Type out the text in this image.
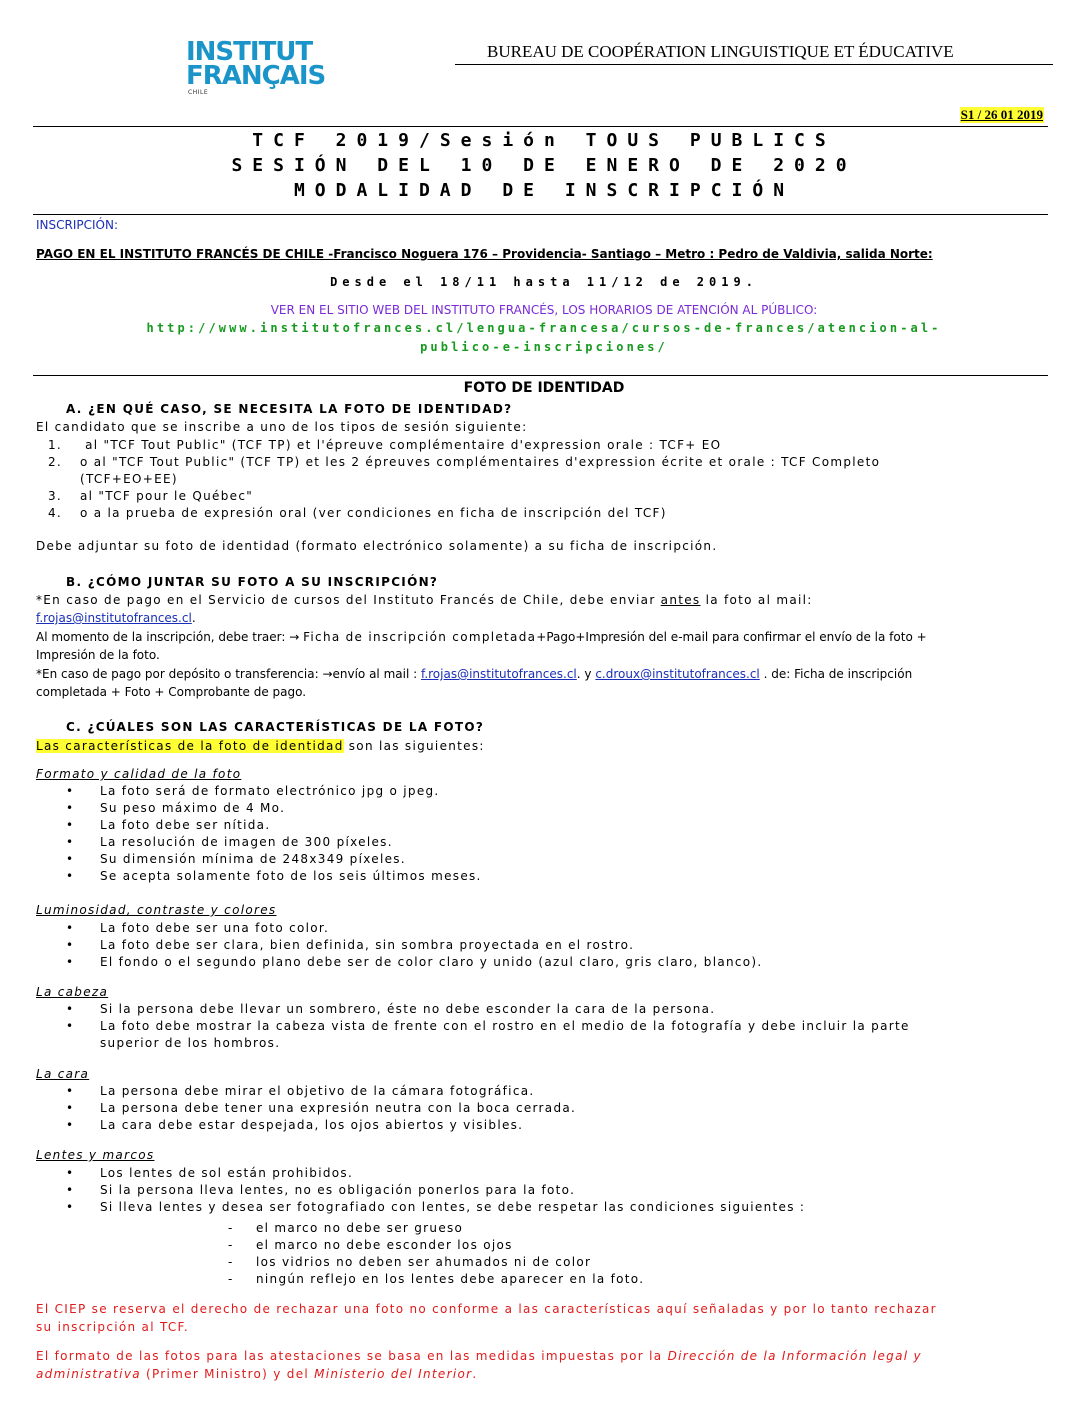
INSTITUT
FRANÇAIS
CHILE
BUREAU DE COOPÉRATION LINGUISTIQUE ET ÉDUCATIVE
S1 / 26 01 2019
TCF 2019/Sesión TOUS PUBLICS
SESIÓN DEL 10 DE ENERO DE 2020
MODALIDAD DE INSCRIPCIÓN
INSCRIPCIÓN:
PAGO EN EL INSTITUTO FRANCÉS DE CHILE -Francisco Noguera 176 – Providencia- Santiago – Metro : Pedro de Valdivia, salida Norte:
Desde el 18/11 hasta 11/12 de 2019.
VER EN EL SITIO WEB DEL INSTITUTO FRANCÉS, LOS HORARIOS DE ATENCIÓN AL PÚBLICO:
http://www.institutofrances.cl/lengua-francesa/cursos-de-frances/atencion-al-
publico-e-inscripciones/
FOTO DE IDENTIDAD
A. ¿EN QUÉ CASO, SE NECESITA LA FOTO DE IDENTIDAD?
El candidato que se inscribe a uno de los tipos de sesión siguiente:
1. al "TCF Tout Public" (TCF TP) et l'épreuve complémentaire d'expression orale : TCF+ EO
2. o al "TCF Tout Public" (TCF TP) et les 2 épreuves complémentaires d'expression écrite et orale : TCF Completo
(TCF+EO+EE)
3. al "TCF pour le Québec"
4. o a la prueba de expresión oral (ver condiciones en ficha de inscripción del TCF)
Debe adjuntar su foto de identidad (formato electrónico solamente) a su ficha de inscripción.
B. ¿CÓMO JUNTAR SU FOTO A SU INSCRIPCIÓN?
*En caso de pago en el Servicio de cursos del Instituto Francés de Chile, debe enviar antes la foto al mail:
f.rojas@institutofrances.cl.
Al momento de la inscripción, debe traer: → Ficha de inscripción completada+Pago+Impresión del e-mail para confirmar el envío de la foto +
Impresión de la foto.
*En caso de pago por depósito o transferencia: →envío al mail : f.rojas@institutofrances.cl. y c.droux@institutofrances.cl . de: Ficha de inscripción
completada + Foto + Comprobante de pago.
C. ¿CÚALES SON LAS CARACTERÍSTICAS DE LA FOTO?
Las características de la foto de identidad son las siguientes:
Formato y calidad de la foto
• La foto será de formato electrónico jpg o jpeg.
• Su peso máximo de 4 Mo.
• La foto debe ser nítida.
• La resolución de imagen de 300 píxeles.
• Su dimensión mínima de 248x349 píxeles.
• Se acepta solamente foto de los seis últimos meses.
Luminosidad, contraste y colores
• La foto debe ser una foto color.
• La foto debe ser clara, bien definida, sin sombra proyectada en el rostro.
• El fondo o el segundo plano debe ser de color claro y unido (azul claro, gris claro, blanco).
La cabeza
• Si la persona debe llevar un sombrero, éste no debe esconder la cara de la persona.
• La foto debe mostrar la cabeza vista de frente con el rostro en el medio de la fotografía y debe incluir la parte
superior de los hombros.
La cara
• La persona debe mirar el objetivo de la cámara fotográfica.
• La persona debe tener una expresión neutra con la boca cerrada.
• La cara debe estar despejada, los ojos abiertos y visibles.
Lentes y marcos
• Los lentes de sol están prohibidos.
• Si la persona lleva lentes, no es obligación ponerlos para la foto.
• Si lleva lentes y desea ser fotografiado con lentes, se debe respetar las condiciones siguientes :
- el marco no debe ser grueso
- el marco no debe esconder los ojos
- los vidrios no deben ser ahumados ni de color
- ningún reflejo en los lentes debe aparecer en la foto.
El CIEP se reserva el derecho de rechazar una foto no conforme a las características aquí señaladas y por lo tanto rechazar
su inscripción al TCF.
El formato de las fotos para las atestaciones se basa en las medidas impuestas por la Dirección de la Información legal y
administrativa (Primer Ministro) y del Ministerio del Interior.
